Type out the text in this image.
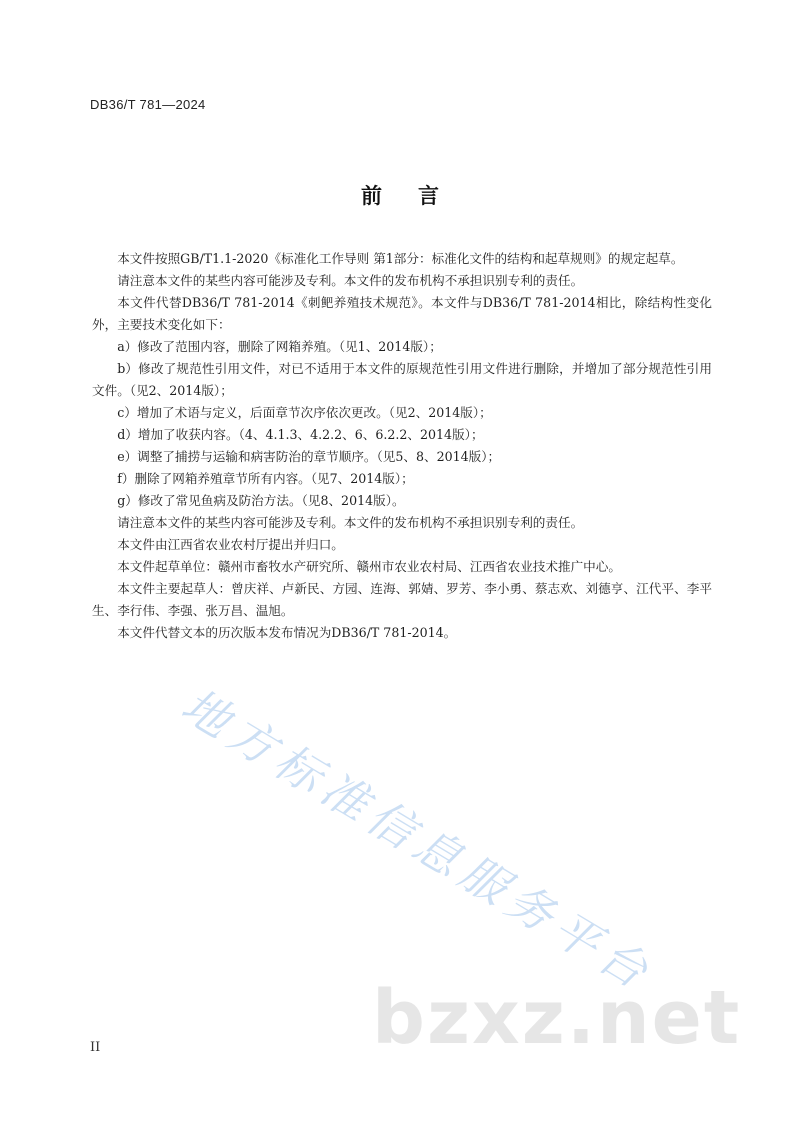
DB36/T 781—2024
前言

本文件按照GB/T1.1-2020《标准化工作导则 第1部分：标准化文件的结构和起草规则》的规定起草。

请注意本文件的某些内容可能涉及专利。本文件的发布机构不承担识别专利的责任。

本文件代替DB36/T 781-2014《刺鲃养殖技术规范》。本文件与DB36/T 781-2014相比，除结构性变化外，主要技术变化如下：

a）修改了范围内容，删除了网箱养殖。（见1、2014版）；

b）修改了规范性引用文件，对已不适用于本文件的原规范性引用文件进行删除，并增加了部分规范性引用文件。（见2、2014版）；

c）增加了术语与定义，后面章节次序依次更改。（见2、2014版）；

d）增加了收获内容。（4、4.1.3、4.2.2、6、6.2.2、2014版）；

e）调整了捕捞与运输和病害防治的章节顺序。（见5、8、2014版）；

f）删除了网箱养殖章节所有内容。（见7、2014版）；

g）修改了常见鱼病及防治方法。（见8、2014版）。

请注意本文件的某些内容可能涉及专利。本文件的发布机构不承担识别专利的责任。

本文件由江西省农业农村厅提出并归口。

本文件起草单位：赣州市畜牧水产研究所、赣州市农业农村局、江西省农业技术推广中心。

本文件主要起草人：曾庆祥、卢新民、方园、连海、郭婧、罗芳、李小勇、蔡志欢、刘德亨、江代平、李平生、李行伟、李强、张万昌、温旭。

本文件代替文本的历次版本发布情况为DB36/T 781-2014。

地方标准信息服务平台
bzxz.net
II
